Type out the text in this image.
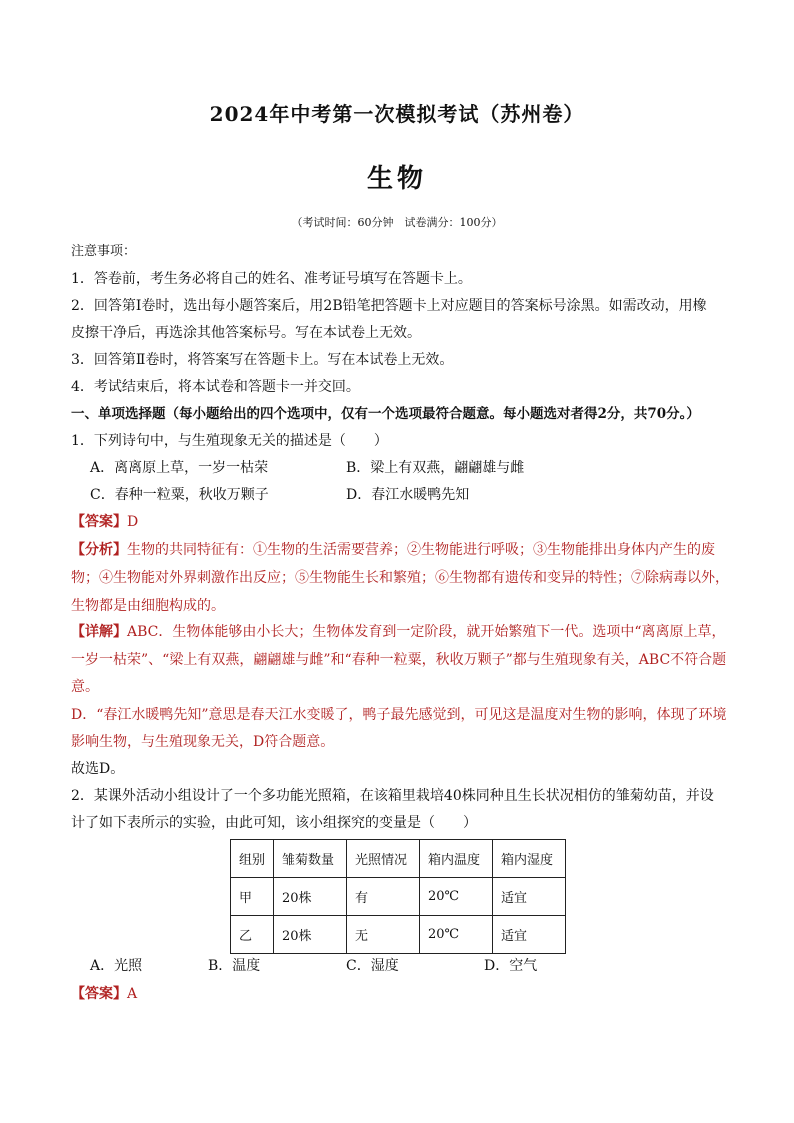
2024年中考第一次模拟考试（苏州卷）
生物
（考试时间：60分钟　试卷满分：100分）
注意事项：
1．答卷前，考生务必将自己的姓名、准考证号填写在答题卡上。
2．回答第Ⅰ卷时，选出每小题答案后，用2B铅笔把答题卡上对应题目的答案标号涂黑。如需改动，用橡
皮擦干净后，再选涂其他答案标号。写在本试卷上无效。
3．回答第Ⅱ卷时，将答案写在答题卡上。写在本试卷上无效。
4．考试结束后，将本试卷和答题卡一并交回。
一、单项选择题（每小题给出的四个选项中，仅有一个选项最符合题意。每小题选对者得2分，共70分。）
1．下列诗句中，与生殖现象无关的描述是（　　）
A．离离原上草，一岁一枯荣	B．梁上有双燕，翩翩雄与雌
C．春种一粒粟，秋收万颗子	D．春江水暖鸭先知
【答案】D
【分析】生物的共同特征有：①生物的生活需要营养；②生物能进行呼吸；③生物能排出身体内产生的废
物；④生物能对外界刺激作出反应；⑤生物能生长和繁殖；⑥生物都有遗传和变异的特性；⑦除病毒以外，
生物都是由细胞构成的。
【详解】ABC．生物体能够由小长大；生物体发育到一定阶段，就开始繁殖下一代。选项中“离离原上草，
一岁一枯荣”、“梁上有双燕，翩翩雄与雌”和“春种一粒粟，秋收万颗子”都与生殖现象有关，ABC不符合题
意。
D．“春江水暖鸭先知”意思是春天江水变暖了，鸭子最先感觉到，可见这是温度对生物的影响，体现了环境
影响生物，与生殖现象无关，D符合题意。
故选D。
2．某课外活动小组设计了一个多功能光照箱，在该箱里栽培40株同种且生长状况相仿的雏菊幼苗，并设
计了如下表所示的实验，由此可知，该小组探究的变量是（　　）
组别	雏菊数量	光照情况	箱内温度	箱内湿度
甲	20株	有	20℃	适宜
乙	20株	无	20℃	适宜
A．光照	B．温度	C．湿度	D．空气
【答案】A
